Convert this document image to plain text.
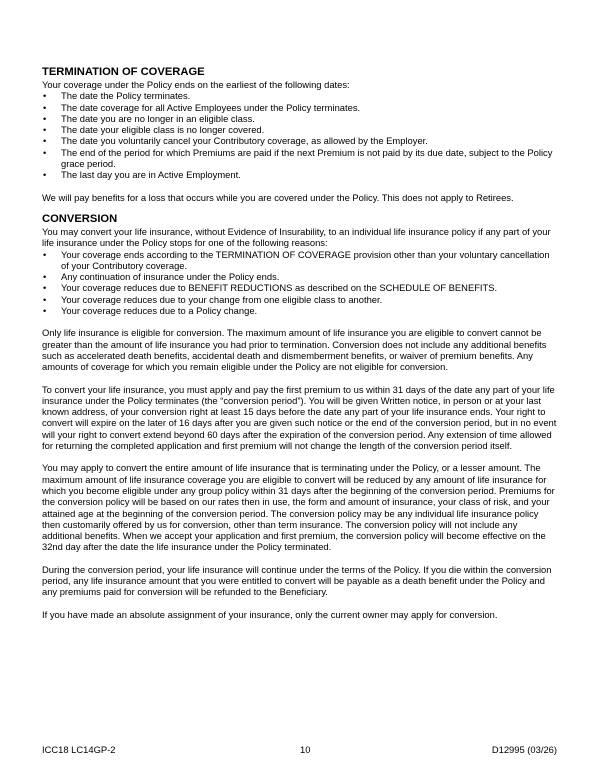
TERMINATION OF COVERAGE

Your coverage under the Policy ends on the earliest of the following dates:

• The date the Policy terminates.
• The date coverage for all Active Employees under the Policy terminates.
• The date you are no longer in an eligible class.
• The date your eligible class is no longer covered.
• The date you voluntarily cancel your Contributory coverage, as allowed by the Employer.
• The end of the period for which Premiums are paid if the next Premium is not paid by its due date, subject to the Policy grace period.
• The last day you are in Active Employment.

We will pay benefits for a loss that occurs while you are covered under the Policy. This does not apply to Retirees.

CONVERSION

You may convert your life insurance, without Evidence of Insurability, to an individual life insurance policy if any part of your life insurance under the Policy stops for one of the following reasons:

• Your coverage ends according to the TERMINATION OF COVERAGE provision other than your voluntary cancellation of your Contributory coverage.
• Any continuation of insurance under the Policy ends.
• Your coverage reduces due to BENEFIT REDUCTIONS as described on the SCHEDULE OF BENEFITS.
• Your coverage reduces due to your change from one eligible class to another.
• Your coverage reduces due to a Policy change.

Only life insurance is eligible for conversion. The maximum amount of life insurance you are eligible to convert cannot be greater than the amount of life insurance you had prior to termination. Conversion does not include any additional benefits such as accelerated death benefits, accidental death and dismemberment benefits, or waiver of premium benefits. Any amounts of coverage for which you remain eligible under the Policy are not eligible for conversion.

To convert your life insurance, you must apply and pay the first premium to us within 31 days of the date any part of your life insurance under the Policy terminates (the “conversion period”). You will be given Written notice, in person or at your last known address, of your conversion right at least 15 days before the date any part of your life insurance ends. Your right to convert will expire on the later of 16 days after you are given such notice or the end of the conversion period, but in no event will your right to convert extend beyond 60 days after the expiration of the conversion period. Any extension of time allowed for returning the completed application and first premium will not change the length of the conversion period itself.

You may apply to convert the entire amount of life insurance that is terminating under the Policy, or a lesser amount. The maximum amount of life insurance coverage you are eligible to convert will be reduced by any amount of life insurance for which you become eligible under any group policy within 31 days after the beginning of the conversion period. Premiums for the conversion policy will be based on our rates then in use, the form and amount of insurance, your class of risk, and your attained age at the beginning of the conversion period. The conversion policy may be any individual life insurance policy then customarily offered by us for conversion, other than term insurance. The conversion policy will not include any additional benefits. When we accept your application and first premium, the conversion policy will become effective on the 32nd day after the date the life insurance under the Policy terminated.

During the conversion period, your life insurance will continue under the terms of the Policy. If you die within the conversion period, any life insurance amount that you were entitled to convert will be payable as a death benefit under the Policy and any premiums paid for conversion will be refunded to the Beneficiary.

If you have made an absolute assignment of your insurance, only the current owner may apply for conversion.

ICC18 LC14GP-2	10	D12995 (03/26)
